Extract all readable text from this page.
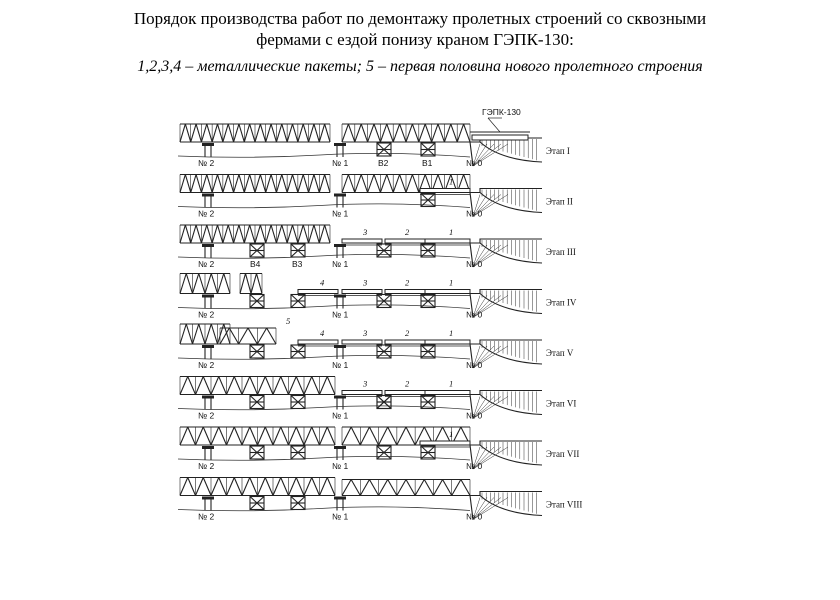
Порядок производства работ по демонтажу пролетных строений со сквозными
фермами с ездой понизу краном ГЭПК-130:
1,2,3,4 – металлические пакеты; 5 – первая половина нового пролетного строения
ГЭПК-130
№ 2	№ 1	№ 0
В2	В1
Этап I
1
№ 2	№ 1	№ 0
Этап II
1
2
3
№ 2	№ 1	№ 0
В4	В3
Этап III
1
2
3
4
№ 2	№ 1	№ 0
Этап IV
1
2
3
4
5
№ 2	№ 1	№ 0
Этап V
1
2
3
№ 2	№ 1	№ 0
Этап VI
1
№ 2	№ 1	№ 0
Этап VII
№ 2	№ 1	№ 0
Этап VIII
